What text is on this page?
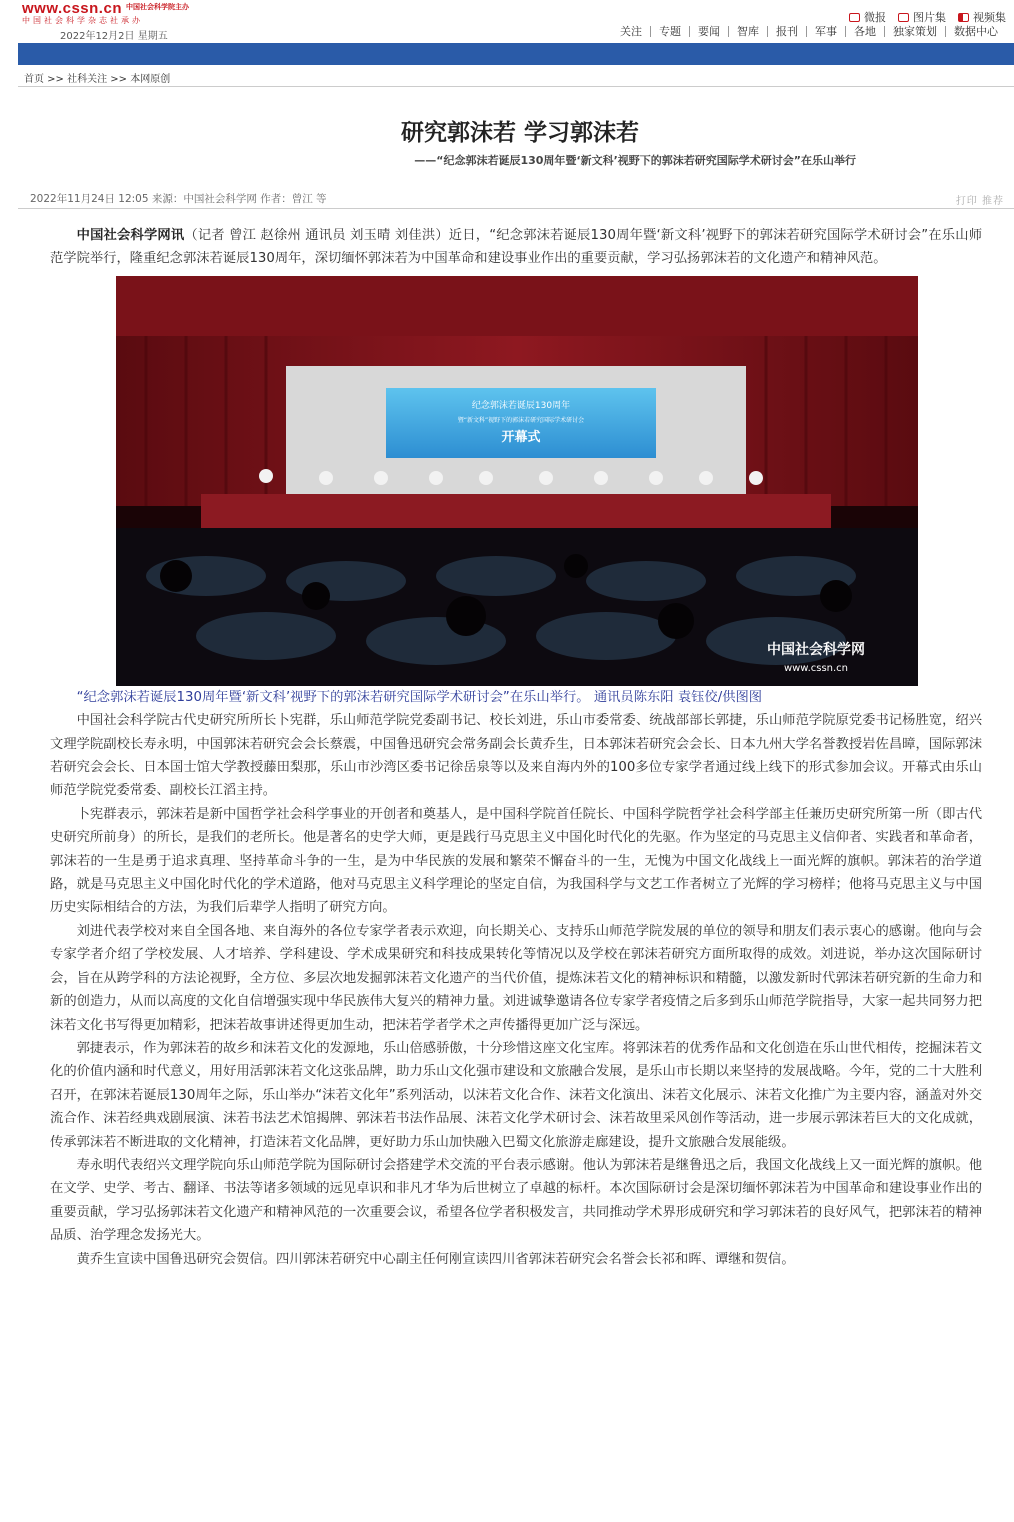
www.cssn.cn 中国社会科学院主办
中国社会科学杂志社承办
2022年12月2日 星期五
微报 图片集 视频集
关注	专题	要闻	智库	报刊	军事	各地	独家策划	数据中心
首页 >> 社科关注 >> 本网原创
研究郭沫若 学习郭沫若
——“纪念郭沫若诞辰130周年暨‘新文科’视野下的郭沫若研究国际学术研讨会”在乐山举行
2022年11月24日 12:05 来源：中国社会科学网 作者：曾江 等	打印 推荐

中国社会科学网讯（记者 曾江 赵徐州 通讯员 刘玉晴 刘佳洪）近日，“纪念郭沫若诞辰130周年暨‘新文科’视野下的郭沫若研究国际学术研讨会”在乐山师范学院举行，隆重纪念郭沫若诞辰130周年，深切缅怀郭沫若为中国革命和建设事业作出的重要贡献，学习弘扬郭沫若的文化遗产和精神风范。

纪念郭沫若诞辰130周年
暨“新文科”视野下的郭沫若研究国际学术研讨会
开幕式
中国社会科学网
www.cssn.cn

“纪念郭沫若诞辰130周年暨‘新文科’视野下的郭沫若研究国际学术研讨会”在乐山举行。 通讯员陈东阳 袁钰佼/供图图

中国社会科学院古代史研究所所长卜宪群，乐山师范学院党委副书记、校长刘进，乐山市委常委、统战部部长郭捷，乐山师范学院原党委书记杨胜宽，绍兴文理学院副校长寿永明，中国郭沫若研究会会长蔡震，中国鲁迅研究会常务副会长黄乔生，日本郭沫若研究会会长、日本九州大学名誉教授岩佐昌暲，国际郭沫若研究会会长、日本国士馆大学教授藤田梨那，乐山市沙湾区委书记徐岳泉等以及来自海内外的100多位专家学者通过线上线下的形式参加会议。开幕式由乐山师范学院党委常委、副校长江滔主持。

卜宪群表示，郭沫若是新中国哲学社会科学事业的开创者和奠基人，是中国科学院首任院长、中国科学院哲学社会科学部主任兼历史研究所第一所（即古代史研究所前身）的所长，是我们的老所长。他是著名的史学大师，更是践行马克思主义中国化时代化的先驱。作为坚定的马克思主义信仰者、实践者和革命者，郭沫若的一生是勇于追求真理、坚持革命斗争的一生，是为中华民族的发展和繁荣不懈奋斗的一生，无愧为中国文化战线上一面光辉的旗帜。郭沫若的治学道路，就是马克思主义中国化时代化的学术道路，他对马克思主义科学理论的坚定自信，为我国科学与文艺工作者树立了光辉的学习榜样；他将马克思主义与中国历史实际相结合的方法，为我们后辈学人指明了研究方向。

刘进代表学校对来自全国各地、来自海外的各位专家学者表示欢迎，向长期关心、支持乐山师范学院发展的单位的领导和朋友们表示衷心的感谢。他向与会专家学者介绍了学校发展、人才培养、学科建设、学术成果研究和科技成果转化等情况以及学校在郭沫若研究方面所取得的成效。刘进说，举办这次国际研讨会，旨在从跨学科的方法论视野，全方位、多层次地发掘郭沫若文化遗产的当代价值，提炼沫若文化的精神标识和精髓，以激发新时代郭沫若研究新的生命力和新的创造力，从而以高度的文化自信增强实现中华民族伟大复兴的精神力量。刘进诚挚邀请各位专家学者疫情之后多到乐山师范学院指导，大家一起共同努力把沫若文化书写得更加精彩，把沫若故事讲述得更加生动，把沫若学者学术之声传播得更加广泛与深远。

郭捷表示，作为郭沫若的故乡和沫若文化的发源地，乐山倍感骄傲，十分珍惜这座文化宝库。将郭沫若的优秀作品和文化创造在乐山世代相传，挖掘沫若文化的价值内涵和时代意义，用好用活郭沫若文化这张品牌，助力乐山文化强市建设和文旅融合发展，是乐山市长期以来坚持的发展战略。今年，党的二十大胜利召开，在郭沫若诞辰130周年之际，乐山举办“沫若文化年”系列活动，以沫若文化合作、沫若文化演出、沫若文化展示、沫若文化推广为主要内容，涵盖对外交流合作、沫若经典戏剧展演、沫若书法艺术馆揭牌、郭沫若书法作品展、沫若文化学术研讨会、沫若故里采风创作等活动，进一步展示郭沫若巨大的文化成就，传承郭沫若不断进取的文化精神，打造沫若文化品牌，更好助力乐山加快融入巴蜀文化旅游走廊建设，提升文旅融合发展能级。

寿永明代表绍兴文理学院向乐山师范学院为国际研讨会搭建学术交流的平台表示感谢。他认为郭沫若是继鲁迅之后，我国文化战线上又一面光辉的旗帜。他在文学、史学、考古、翻译、书法等诸多领域的远见卓识和非凡才华为后世树立了卓越的标杆。本次国际研讨会是深切缅怀郭沫若为中国革命和建设事业作出的重要贡献，学习弘扬郭沫若文化遗产和精神风范的一次重要会议，希望各位学者积极发言，共同推动学术界形成研究和学习郭沫若的良好风气，把郭沫若的精神品质、治学理念发扬光大。

黄乔生宣读中国鲁迅研究会贺信。四川郭沫若研究中心副主任何刚宣读四川省郭沫若研究会名誉会长祁和晖、谭继和贺信。
